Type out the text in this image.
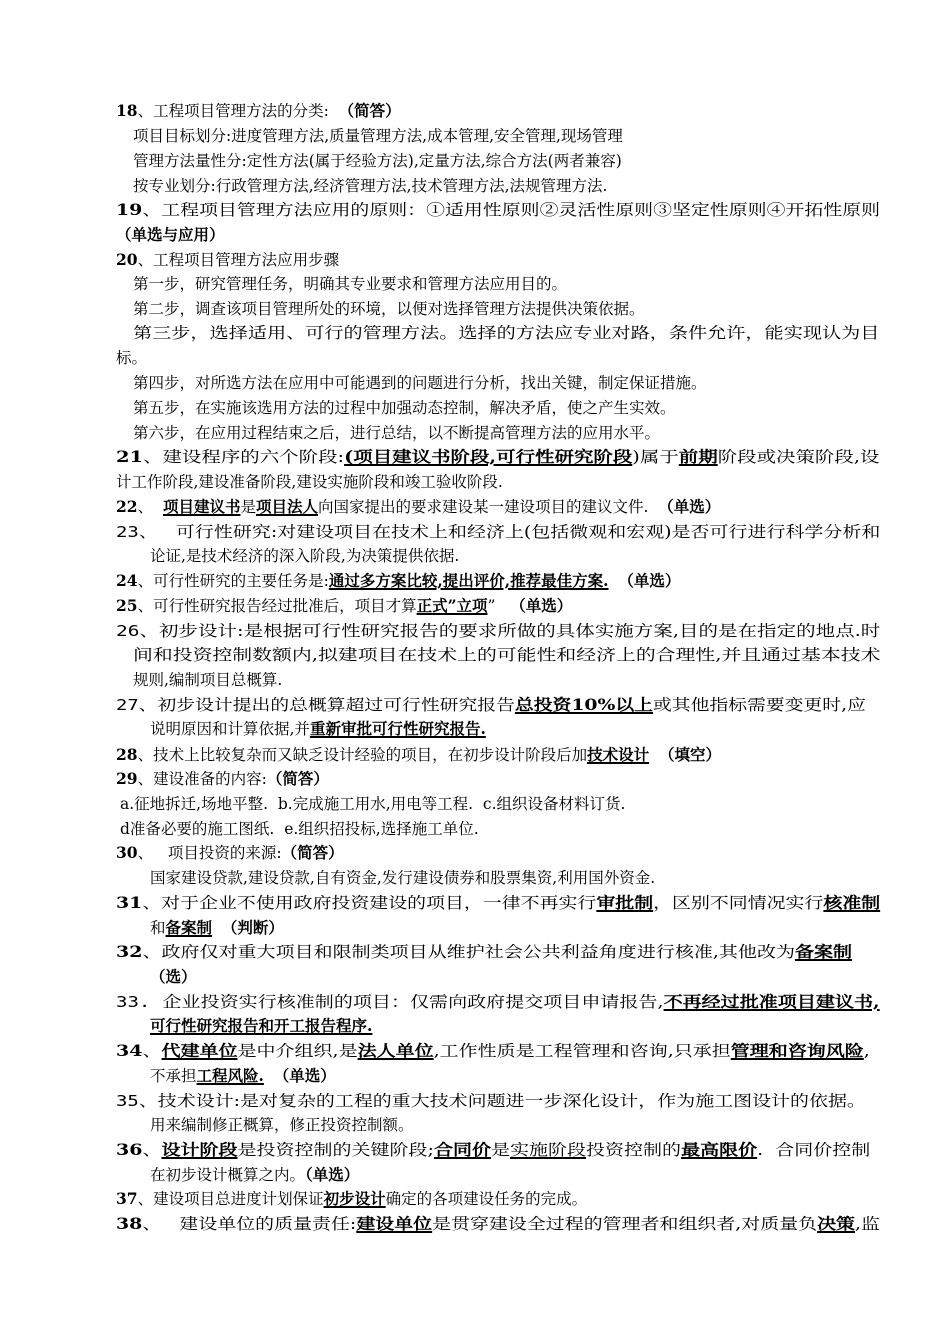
18、工程项目管理方法的分类:  （简答）
项目目标划分:进度管理方法,质量管理方法,成本管理,安全管理,现场管理
管理方法量性分:定性方法(属于经验方法),定量方法,综合方法(两者兼容)
按专业划分:行政管理方法,经济管理方法,技术管理方法,法规管理方法.
19、工程项目管理方法应用的原则：①适用性原则②灵活性原则③坚定性原则④开拓性原则
（单选与应用）
20、工程项目管理方法应用步骤
第一步，研究管理任务，明确其专业要求和管理方法应用目的。
第二步，调查该项目管理所处的环境，以便对选择管理方法提供决策依据。
第三步，选择适用、可行的管理方法。选择的方法应专业对路，条件允许，能实现认为目
标。
第四步，对所选方法在应用中可能遇到的问题进行分析，找出关键，制定保证措施。
第五步，在实施该选用方法的过程中加强动态控制，解决矛盾，使之产生实效。
第六步，在应用过程结束之后，进行总结，以不断提高管理方法的应用水平。
21、建设程序的六个阶段:(项目建议书阶段,可行性研究阶段)属于前期阶段或决策阶段,设
计工作阶段,建设准备阶段,建设实施阶段和竣工验收阶段.
22、  项目建议书是项目法人向国家提出的要求建设某一建设项目的建议文件.  （单选）
23、   可行性研究:对建设项目在技术上和经济上(包括微观和宏观)是否可行进行科学分析和
论证,是技术经济的深入阶段,为决策提供依据.
24、可行性研究的主要任务是:通过多方案比较,提出评价,推荐最佳方案. （单选）
25、可行性研究报告经过批准后，项目才算正式”立项”   （单选）
26、初步设计:是根据可行性研究报告的要求所做的具体实施方案,目的是在指定的地点.时
间和投资控制数额内,拟建项目在技术上的可能性和经济上的合理性,并且通过基本技术
规则,编制项目总概算.
27、初步设计提出的总概算超过可行性研究报告总投资10%以上或其他指标需要变更时,应
说明原因和计算依据,并重新审批可行性研究报告.
28、技术上比较复杂而又缺乏设计经验的项目，在初步设计阶段后加技术设计 （填空）
29、建设准备的内容:（简答）
a.征地拆迁,场地平整.  b.完成施工用水,用电等工程.  c.组织设备材料订货.
d准备必要的施工图纸.  e.组织招投标,选择施工单位.
30、   项目投资的来源:（简答）
国家建设贷款,建设贷款,自有资金,发行建设债券和股票集资,利用国外资金.
31、对于企业不使用政府投资建设的项目，一律不再实行审批制，区别不同情况实行核准制
和备案制 （判断）
32、政府仅对重大项目和限制类项目从维护社会公共利益角度进行核准,其他改为备案制
（选）
33.  企业投资实行核准制的项目：仅需向政府提交项目申请报告,不再经过批准项目建议书,
可行性研究报告和开工报告程序.
34、代建单位是中介组织,是法人单位,工作性质是工程管理和咨询,只承担管理和咨询风险,
不承担工程风险. （单选）
35、技术设计:是对复杂的工程的重大技术问题进一步深化设计，作为施工图设计的依据。
用来编制修正概算，修正投资控制额。
36、设计阶段是投资控制的关键阶段;合同价是实施阶段投资控制的最高限价.  合同价控制
在初步设计概算之内。（单选）
37、建设项目总进度计划保证初步设计确定的各项建设任务的完成。
38、   建设单位的质量责任:建设单位是贯穿建设全过程的管理者和组织者,对质量负决策,监
